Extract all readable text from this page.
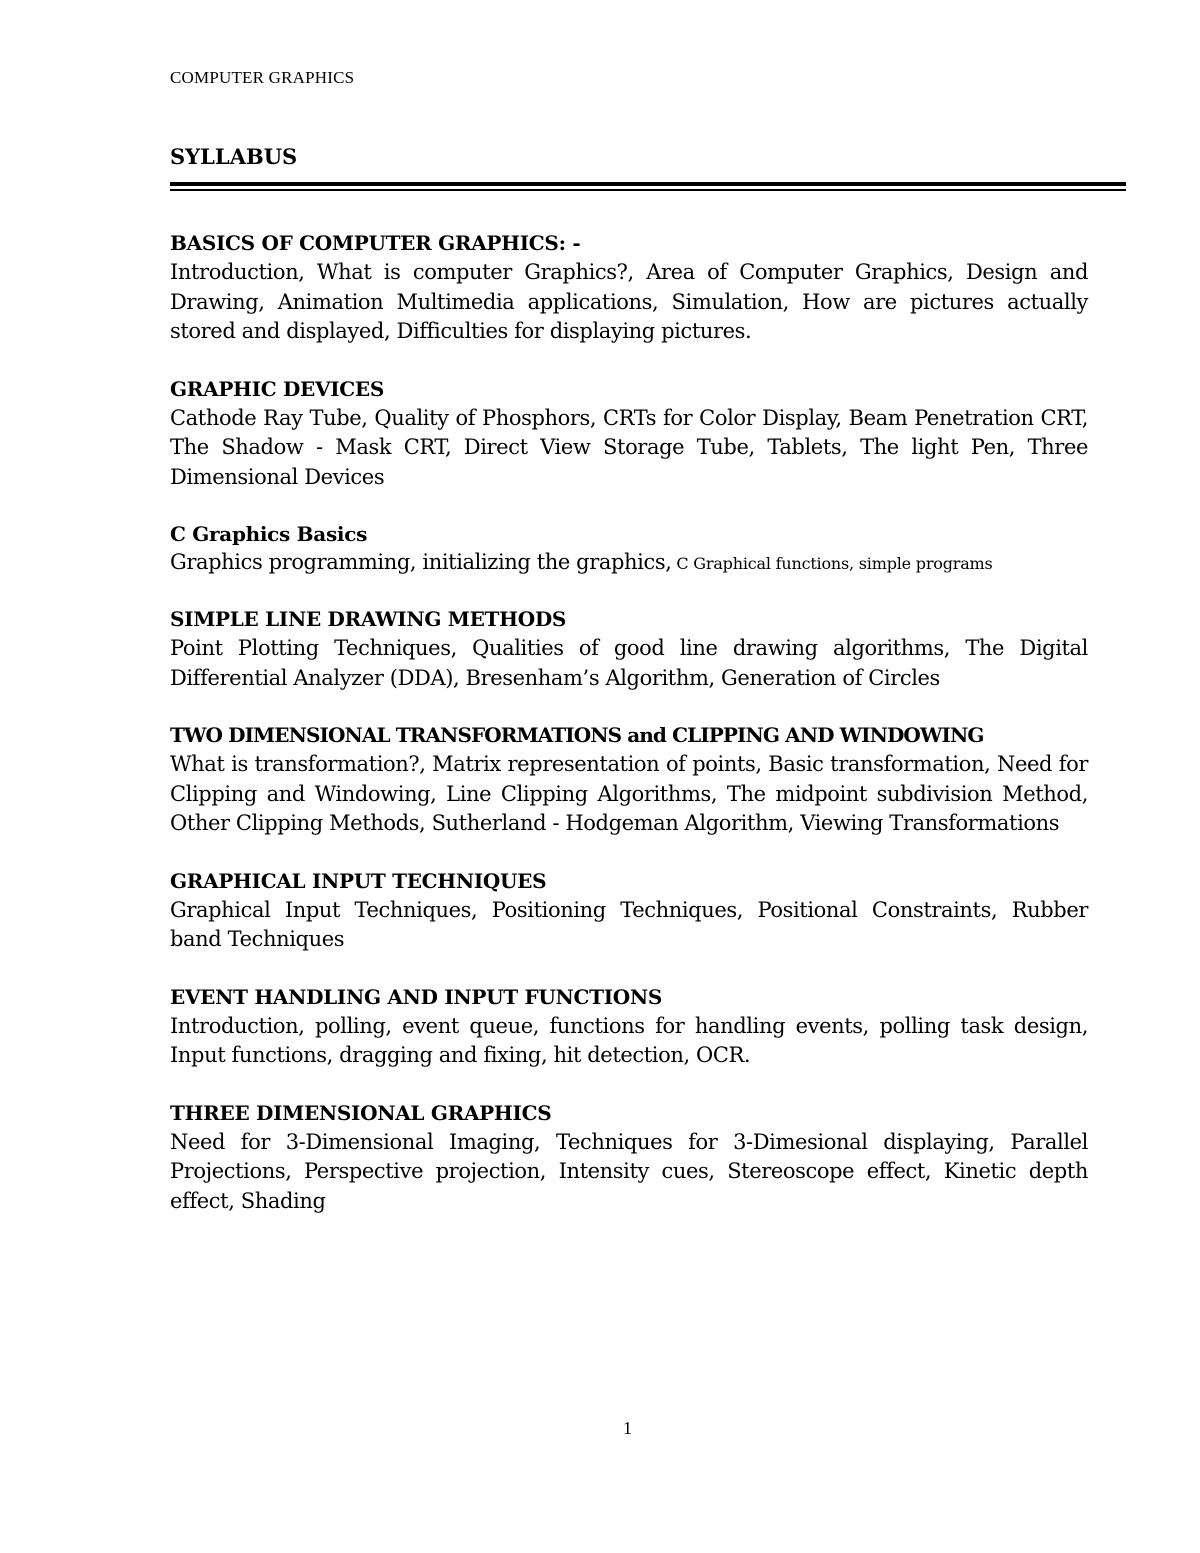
COMPUTER GRAPHICS
SYLLABUS
BASICS OF COMPUTER GRAPHICS: -
Introduction, What is computer Graphics?, Area of Computer Graphics, Design and Drawing, Animation Multimedia applications, Simulation, How are pictures actually stored and displayed, Difficulties for displaying pictures.
GRAPHIC DEVICES
Cathode Ray Tube, Quality of Phosphors, CRTs for Color Display, Beam Penetration CRT, The Shadow - Mask CRT, Direct View Storage Tube, Tablets, The light Pen, Three Dimensional Devices
C Graphics Basics
Graphics programming, initializing the graphics, C Graphical functions, simple programs
SIMPLE LINE DRAWING METHODS
Point Plotting Techniques, Qualities of good line drawing algorithms, The Digital Differential Analyzer (DDA), Bresenham’s Algorithm, Generation of Circles
TWO DIMENSIONAL TRANSFORMATIONS and CLIPPING AND WINDOWING
What is transformation?, Matrix representation of points, Basic transformation, Need for Clipping and Windowing, Line Clipping Algorithms, The midpoint subdivision Method, Other Clipping Methods, Sutherland - Hodgeman Algorithm, Viewing Transformations
GRAPHICAL INPUT TECHNIQUES
Graphical Input Techniques, Positioning Techniques, Positional Constraints, Rubber band Techniques
EVENT HANDLING AND INPUT FUNCTIONS
Introduction, polling, event queue, functions for handling events, polling task design, Input functions, dragging and fixing, hit detection, OCR.
THREE DIMENSIONAL GRAPHICS
Need for 3-Dimensional Imaging, Techniques for 3-Dimesional displaying, Parallel Projections, Perspective projection, Intensity cues, Stereoscope effect, Kinetic depth effect, Shading
1
